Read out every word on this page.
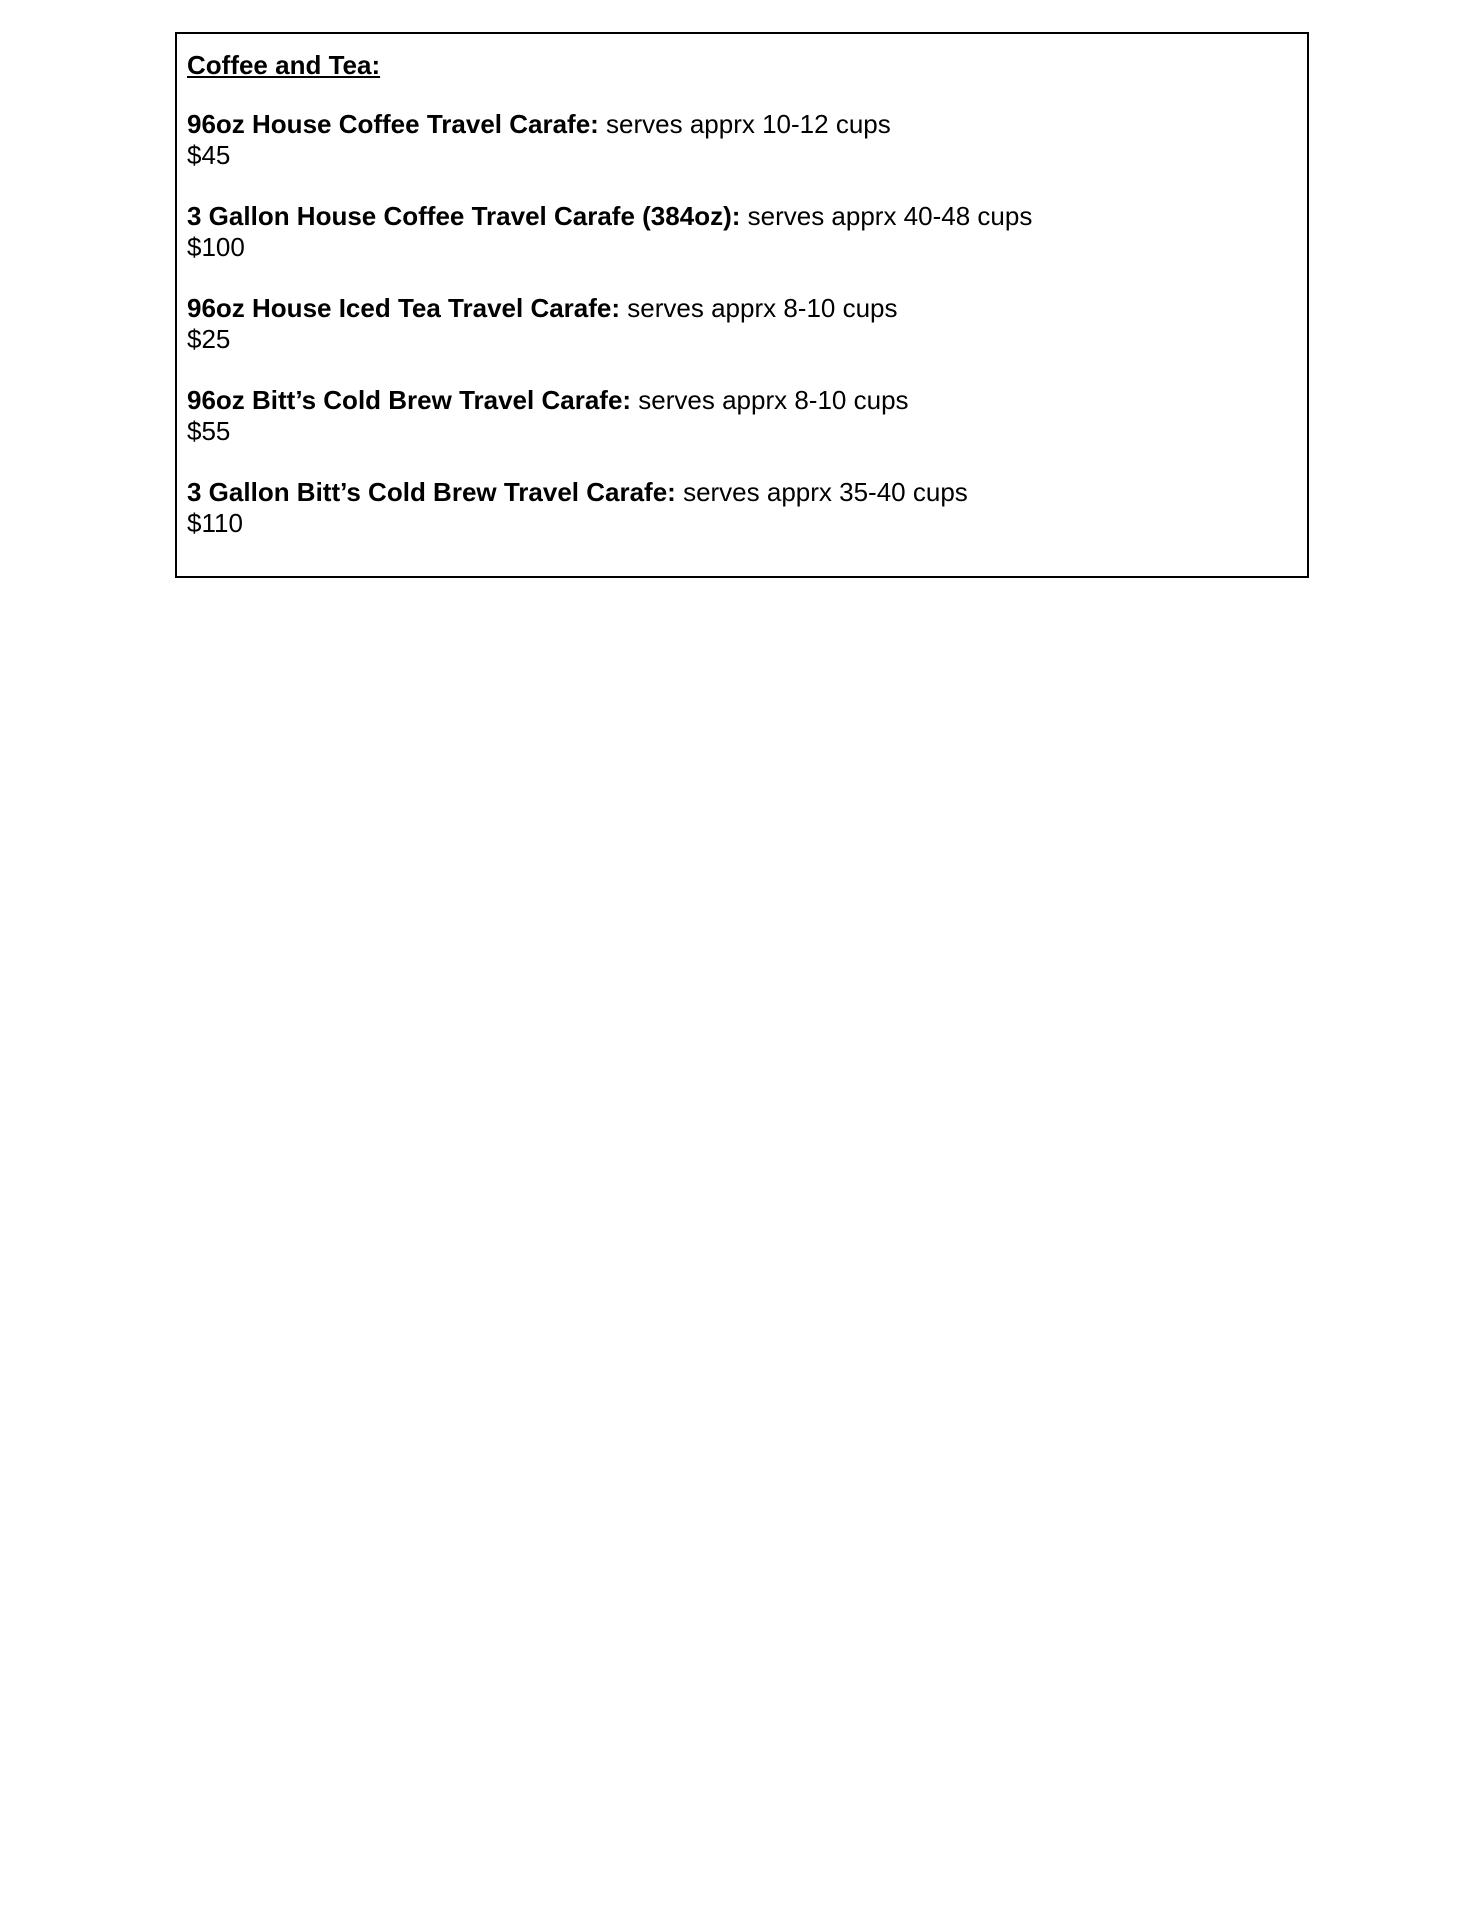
Coffee and Tea:
96oz House Coffee Travel Carafe: serves apprx 10-12 cups
$45
3 Gallon House Coffee Travel Carafe (384oz): serves apprx 40-48 cups
$100
96oz House Iced Tea Travel Carafe: serves apprx 8-10 cups
$25
96oz Bitt’s Cold Brew Travel Carafe: serves apprx 8-10 cups
$55
3 Gallon Bitt’s Cold Brew Travel Carafe: serves apprx 35-40 cups
$110
